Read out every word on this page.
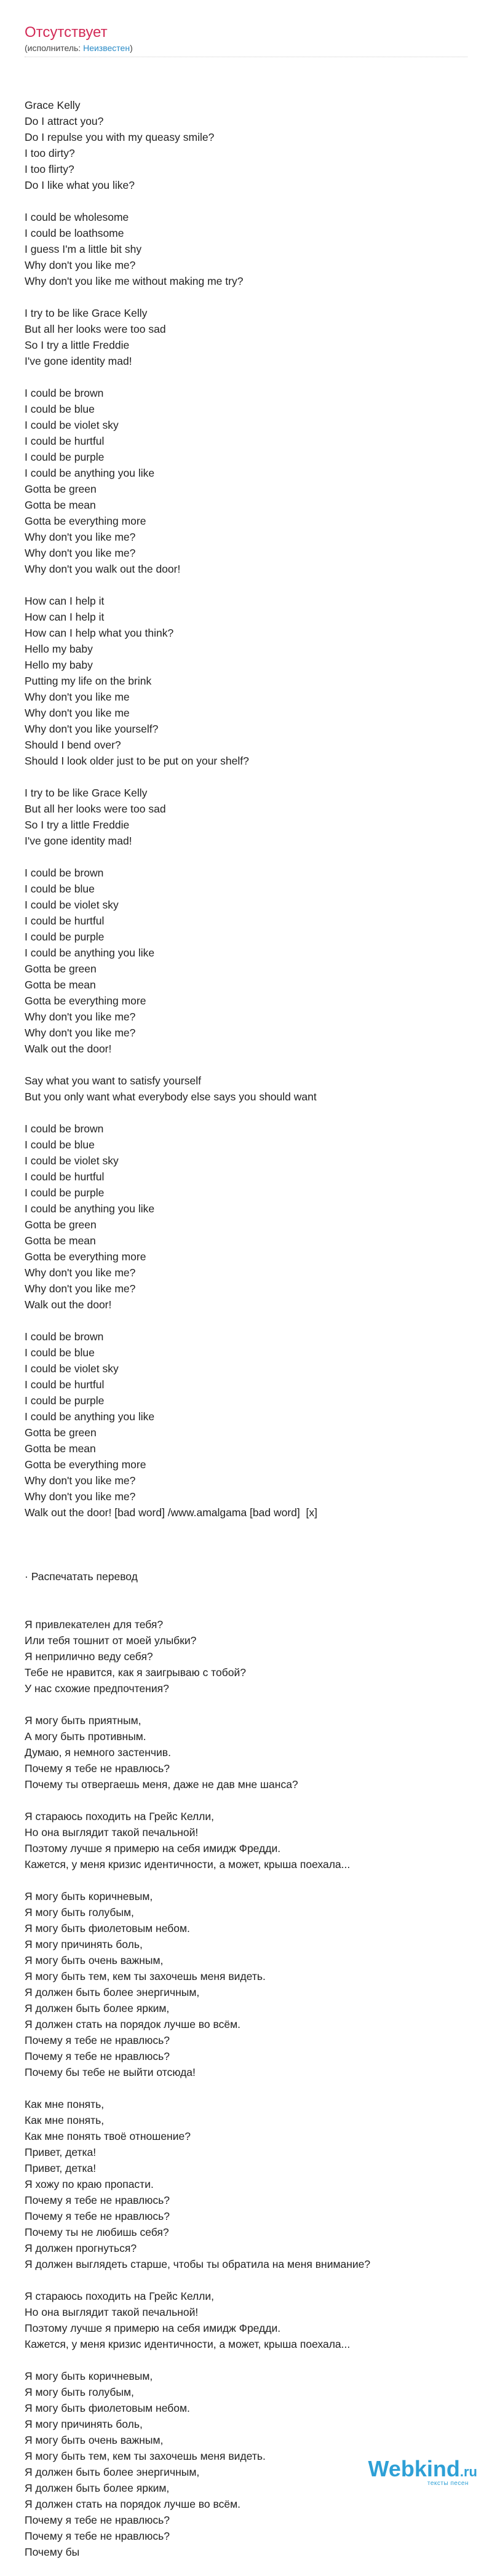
Отсутствует
(исполнитель: Неизвестен)

Grace Kelly
Do I attract you?
Do I repulse you with my queasy smile?
I too dirty?
I too flirty?
Do I like what you like?
I could be wholesome
I could be loathsome
I guess I'm a little bit shy
Why don't you like me?
Why don't you like me without making me try?
I try to be like Grace Kelly
But all her looks were too sad
So I try a little Freddie
I've gone identity mad!
I could be brown
I could be blue
I could be violet sky
I could be hurtful
I could be purple
I could be anything you like
Gotta be green
Gotta be mean
Gotta be everything more
Why don't you like me?
Why don't you like me?
Why don't you walk out the door!
How can I help it
How can I help it
How can I help what you think?
Hello my baby
Hello my baby
Putting my life on the brink
Why don't you like me
Why don't you like me
Why don't you like yourself?
Should I bend over?
Should I look older just to be put on your shelf?
I try to be like Grace Kelly
But all her looks were too sad
So I try a little Freddie
I've gone identity mad!
I could be brown
I could be blue
I could be violet sky
I could be hurtful
I could be purple
I could be anything you like
Gotta be green
Gotta be mean
Gotta be everything more
Why don't you like me?
Why don't you like me?
Walk out the door!
Say what you want to satisfy yourself
But you only want what everybody else says you should want
I could be brown
I could be blue
I could be violet sky
I could be hurtful
I could be purple
I could be anything you like
Gotta be green
Gotta be mean
Gotta be everything more
Why don't you like me?
Why don't you like me?
Walk out the door!
I could be brown
I could be blue
I could be violet sky
I could be hurtful
I could be purple
I could be anything you like
Gotta be green
Gotta be mean
Gotta be everything more
Why don't you like me?
Why don't you like me?
Walk out the door! [bad word] /www.amalgama [bad word]  [x]

· Распечатать перевод

Я привлекателен для тебя?
Или тебя тошнит от моей улыбки?
Я неприлично веду себя?
Тебе не нравится, как я заигрываю с тобой?
У нас схожие предпочтения?
Я могу быть приятным,
А могу быть противным.
Думаю, я немного застенчив.
Почему я тебе не нравлюсь?
Почему ты отвергаешь меня, даже не дав мне шанса?
Я стараюсь походить на Грейс Келли,
Но она выглядит такой печальной!
Поэтому лучше я примерю на себя имидж Фредди.
Кажется, у меня кризис идентичности, а может, крыша поехала...
Я могу быть коричневым,
Я могу быть голубым,
Я могу быть фиолетовым небом.
Я могу причинять боль,
Я могу быть очень важным,
Я могу быть тем, кем ты захочешь меня видеть.
Я должен быть более энергичным,
Я должен быть более ярким,
Я должен стать на порядок лучше во всём.
Почему я тебе не нравлюсь?
Почему я тебе не нравлюсь?
Почему бы тебе не выйти отсюда!
Как мне понять,
Как мне понять,
Как мне понять твоё отношение?
Привет, детка!
Привет, детка!
Я хожу по краю пропасти.
Почему я тебе не нравлюсь?
Почему я тебе не нравлюсь?
Почему ты не любишь себя?
Я должен прогнуться?
Я должен выглядеть старше, чтобы ты обратила на меня внимание?
Я стараюсь походить на Грейс Келли,
Но она выглядит такой печальной!
Поэтому лучше я примерю на себя имидж Фредди.
Кажется, у меня кризис идентичности, а может, крыша поехала...
Я могу быть коричневым,
Я могу быть голубым,
Я могу быть фиолетовым небом.
Я могу причинять боль,
Я могу быть очень важным,
Я могу быть тем, кем ты захочешь меня видеть.
Я должен быть более энергичным,
Я должен быть более ярким,
Я должен стать на порядок лучше во всём.
Почему я тебе не нравлюсь?
Почему я тебе не нравлюсь?
Почему бы

Webkind.ru
тексты песен
